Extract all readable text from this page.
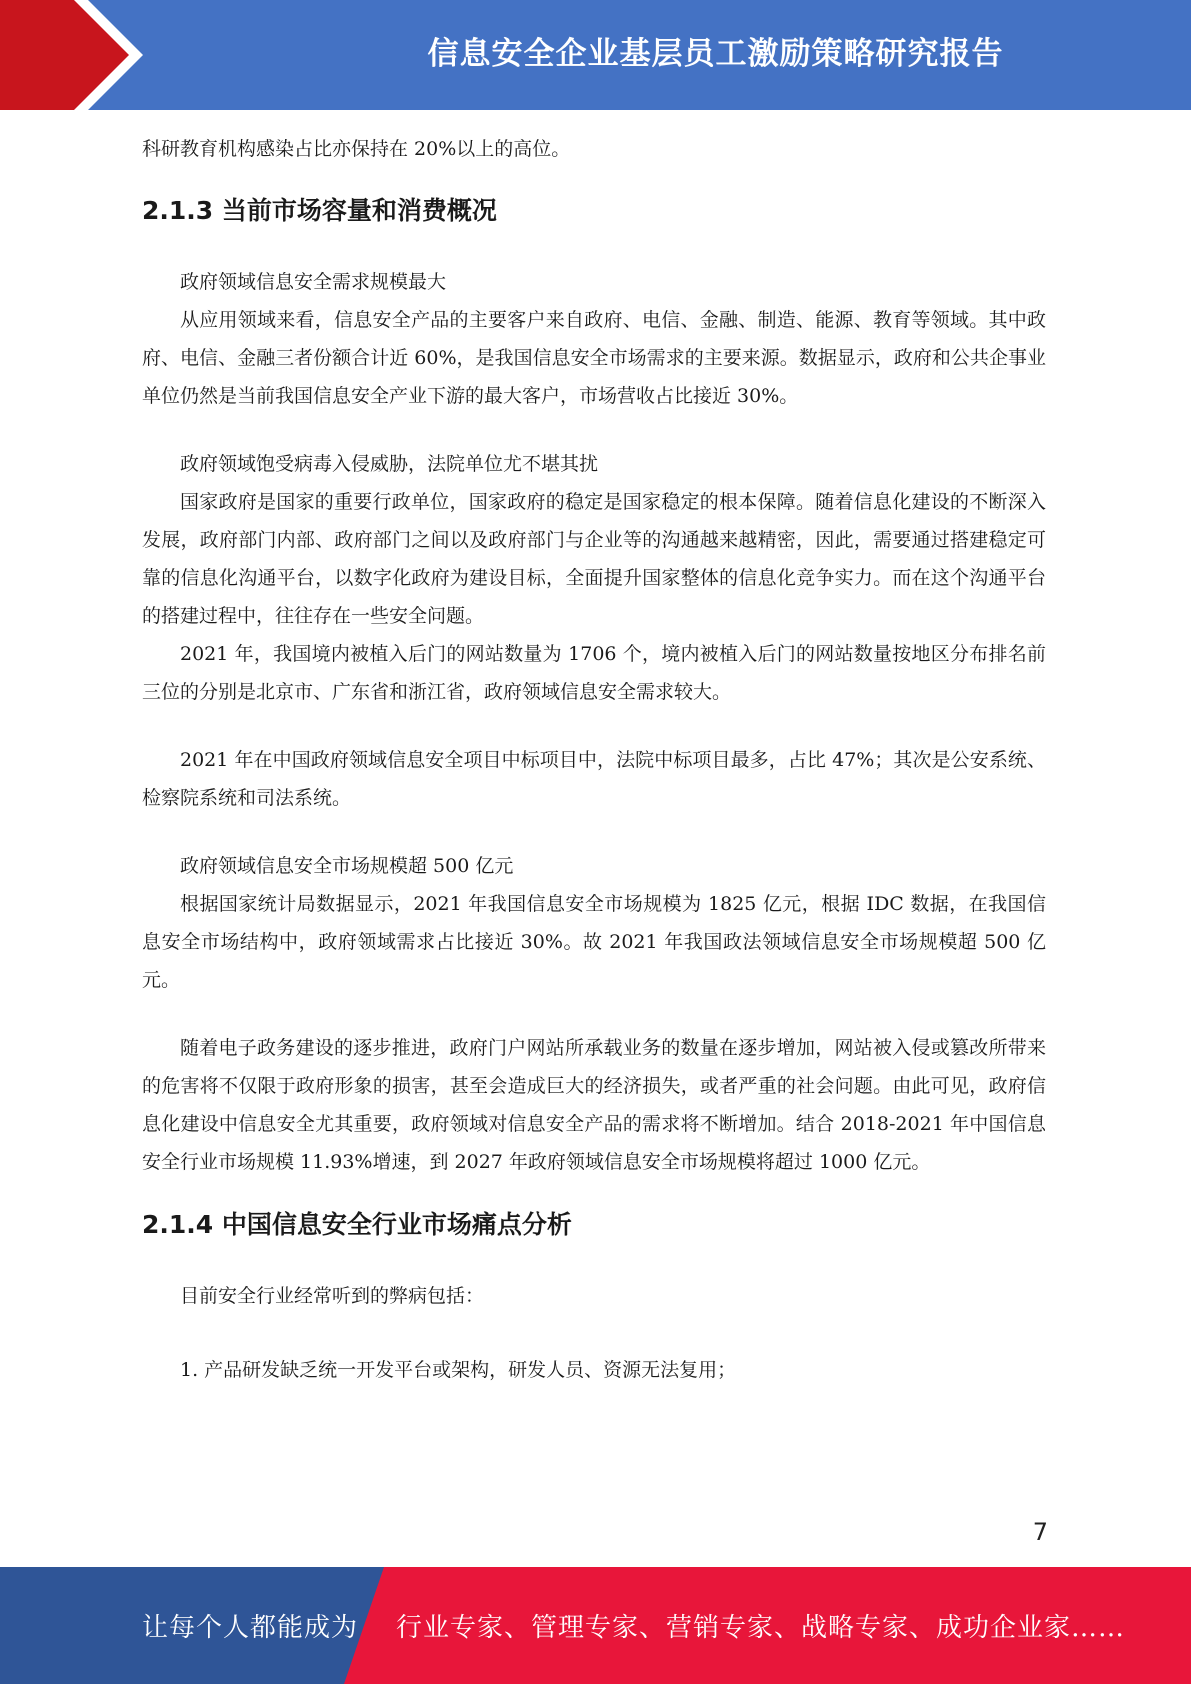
信息安全企业基层员工激励策略研究报告

科研教育机构感染占比亦保持在 20%以上的高位。

2.1.3 当前市场容量和消费概况

政府领域信息安全需求规模最大

从应用领域来看，信息安全产品的主要客户来自政府、电信、金融、制造、能源、教育等领域。其中政府、电信、金融三者份额合计近 60%，是我国信息安全市场需求的主要来源。数据显示，政府和公共企事业单位仍然是当前我国信息安全产业下游的最大客户，市场营收占比接近 30%。

政府领域饱受病毒入侵威胁，法院单位尤不堪其扰

国家政府是国家的重要行政单位，国家政府的稳定是国家稳定的根本保障。随着信息化建设的不断深入发展，政府部门内部、政府部门之间以及政府部门与企业等的沟通越来越精密，因此，需要通过搭建稳定可靠的信息化沟通平台，以数字化政府为建设目标，全面提升国家整体的信息化竞争实力。而在这个沟通平台的搭建过程中，往往存在一些安全问题。

2021 年，我国境内被植入后门的网站数量为 1706 个，境内被植入后门的网站数量按地区分布排名前三位的分别是北京市、广东省和浙江省，政府领域信息安全需求较大。

2021 年在中国政府领域信息安全项目中标项目中，法院中标项目最多，占比 47%；其次是公安系统、检察院系统和司法系统。

政府领域信息安全市场规模超 500 亿元

根据国家统计局数据显示，2021 年我国信息安全市场规模为 1825 亿元，根据 IDC 数据，在我国信息安全市场结构中，政府领域需求占比接近 30%。故 2021 年我国政法领域信息安全市场规模超 500 亿元。

随着电子政务建设的逐步推进，政府门户网站所承载业务的数量在逐步增加，网站被入侵或篡改所带来的危害将不仅限于政府形象的损害，甚至会造成巨大的经济损失，或者严重的社会问题。由此可见，政府信息化建设中信息安全尤其重要，政府领域对信息安全产品的需求将不断增加。结合 2018-2021 年中国信息安全行业市场规模 11.93%增速，到 2027 年政府领域信息安全市场规模将超过 1000 亿元。

2.1.4 中国信息安全行业市场痛点分析

目前安全行业经常听到的弊病包括：

1. 产品研发缺乏统一开发平台或架构，研发人员、资源无法复用；

7
让每个人都能成为 行业专家、管理专家、营销专家、战略专家、成功企业家……
